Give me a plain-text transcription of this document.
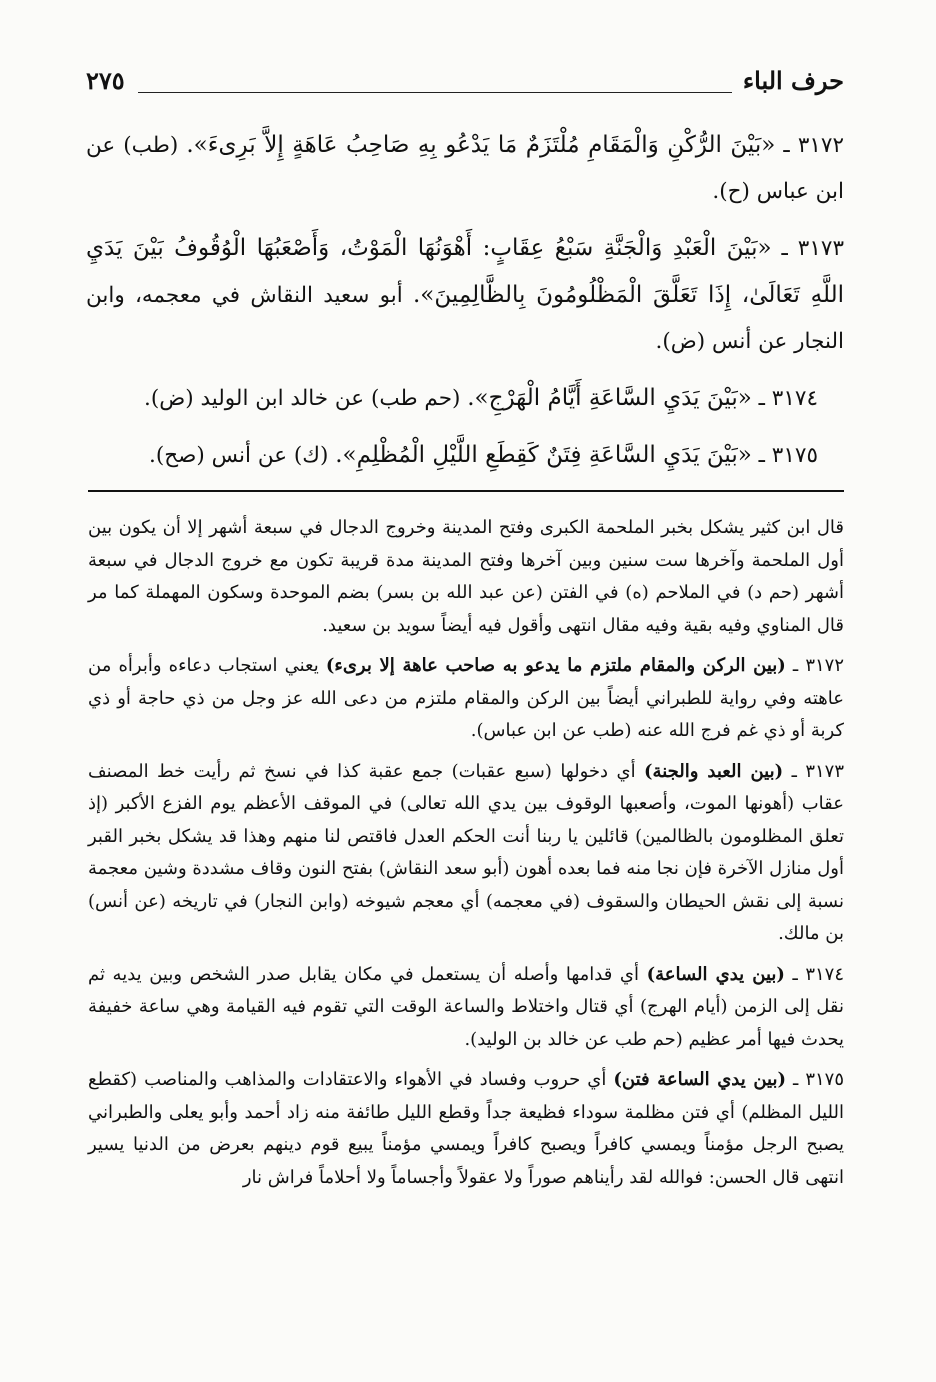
٢٧٥	حرف الباء

٣١٧٢ ـ «بَيْنَ الرُّكْنِ وَالْمَقَامِ مُلْتَزَمٌ مَا يَدْعُو بِهِ صَاحِبُ عَاهَةٍ إِلاَّ بَرِىءَ». (طب) عن ابن عباس (ح).

٣١٧٣ ـ «بَيْنَ الْعَبْدِ وَالْجَنَّةِ سَبْعُ عِقَابٍ: أَهْوَنُهَا الْمَوْتُ، وَأَصْعَبُهَا الْوُقُوفُ بَيْنَ يَدَيِ اللَّهِ تَعَالَىٰ، إِذَا تَعَلَّقَ الْمَظْلُومُونَ بِالظَّالِمِينَ». أبو سعيد النقاش في معجمه، وابن النجار عن أنس (ض).

٣١٧٤ ـ «بَيْنَ يَدَيِ السَّاعَةِ أَيَّامُ الْهَرْجِ». (حم طب) عن خالد ابن الوليد (ض).

٣١٧٥ ـ «بَيْنَ يَدَيِ السَّاعَةِ فِتَنٌ كَقِطَعِ اللَّيْلِ الْمُظْلِمِ». (ك) عن أنس (صح).

قال ابن كثير يشكل بخبر الملحمة الكبرى وفتح المدينة وخروج الدجال في سبعة أشهر إلا أن يكون بين أول الملحمة وآخرها ست سنين وبين آخرها وفتح المدينة مدة قريبة تكون مع خروج الدجال في سبعة أشهر (حم د) في الملاحم (ه) في الفتن (عن عبد الله بن بسر) بضم الموحدة وسكون المهملة كما مر قال المناوي وفيه بقية وفيه مقال انتهى وأقول فيه أيضاً سويد بن سعيد.

٣١٧٢ ـ (بين الركن والمقام ملتزم ما يدعو به صاحب عاهة إلا برىء) يعني استجاب دعاءه وأبرأه من عاهته وفي رواية للطبراني أيضاً بين الركن والمقام ملتزم من دعى الله عز وجل من ذي حاجة أو ذي كربة أو ذي غم فرج الله عنه (طب عن ابن عباس).

٣١٧٣ ـ (بين العبد والجنة) أي دخولها (سبع عقبات) جمع عقبة كذا في نسخ ثم رأيت خط المصنف عقاب (أهونها الموت، وأصعبها الوقوف بين يدي الله تعالى) في الموقف الأعظم يوم الفزع الأكبر (إذ تعلق المظلومون بالظالمين) قائلين يا ربنا أنت الحكم العدل فاقتص لنا منهم وهذا قد يشكل بخبر القبر أول منازل الآخرة فإن نجا منه فما بعده أهون (أبو سعد النقاش) بفتح النون وقاف مشددة وشين معجمة نسبة إلى نقش الحيطان والسقوف (في معجمه) أي معجم شيوخه (وابن النجار) في تاريخه (عن أنس) بن مالك.

٣١٧٤ ـ (بين يدي الساعة) أي قدامها وأصله أن يستعمل في مكان يقابل صدر الشخص وبين يديه ثم نقل إلى الزمن (أيام الهرج) أي قتال واختلاط والساعة الوقت التي تقوم فيه القيامة وهي ساعة خفيفة يحدث فيها أمر عظيم (حم طب عن خالد بن الوليد).

٣١٧٥ ـ (بين يدي الساعة فتن) أي حروب وفساد في الأهواء والاعتقادات والمذاهب والمناصب (كقطع الليل المظلم) أي فتن مظلمة سوداء فظيعة جداً وقطع الليل طائفة منه زاد أحمد وأبو يعلى والطبراني يصبح الرجل مؤمناً ويمسي كافراً ويصبح كافراً ويمسي مؤمناً يبيع قوم دينهم بعرض من الدنيا يسير انتهى قال الحسن: فوالله لقد رأيناهم صوراً ولا عقولاً وأجساماً ولا أحلاماً فراش نار
